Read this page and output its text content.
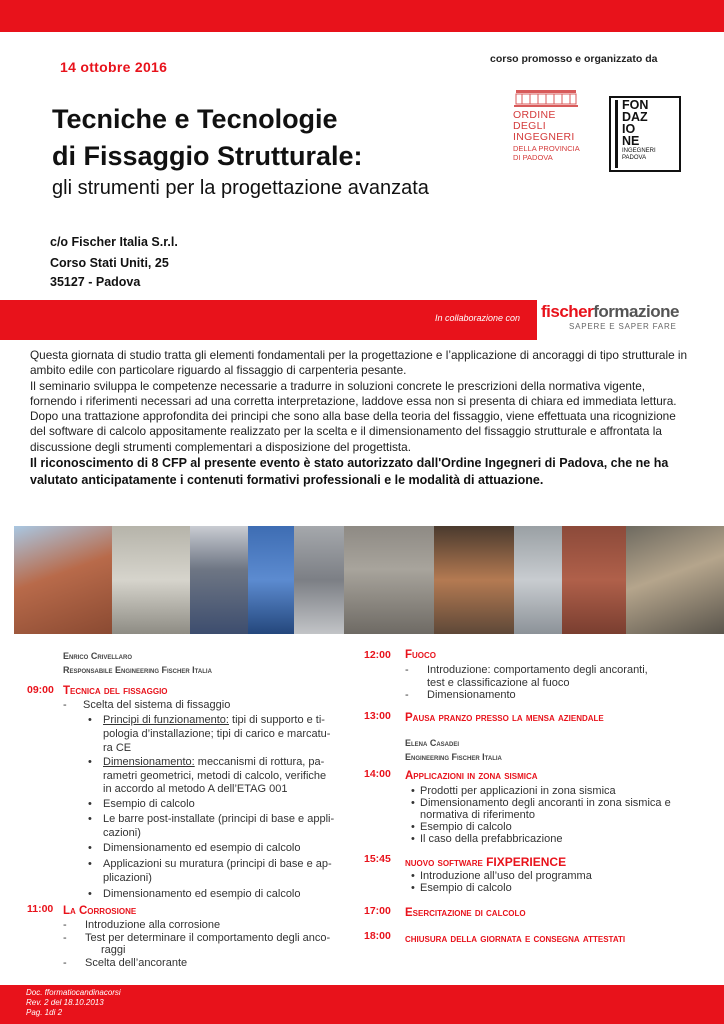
14 ottobre 2016	corso promosso e organizzato da
Tecniche e Tecnologie
di Fissaggio Strutturale:
gli strumenti per la progettazione avanzata
c/o Fischer Italia S.r.l.
Corso Stati Uniti, 25
35127 - Padova
ORDINE
DEGLI
INGEGNERI
DELLA PROVINCIA
DI PADOVA
FON
DAZ
IO
NE
INGEGNERI
PADOVA
In collaborazione con fischerformazione
SAPERE E SAPER FARE

Questa giornata di studio tratta gli elementi fondamentali per la progettazione e l’applicazione di ancoraggi di tipo strutturale in ambito edile con particolare riguardo al fissaggio di carpenteria pesante.

Il seminario sviluppa le competenze necessarie a tradurre in soluzioni concrete le prescrizioni della normativa vigente, fornendo i riferimenti necessari ad una corretta interpretazione, laddove essa non si presenta di chiara ed immediata lettura.

Dopo una trattazione approfondita dei principi che sono alla base della teoria del fissaggio, viene effettuata una ricognizione del software di calcolo appositamente realizzato per la scelta e il dimensionamento del fissaggio strutturale e affrontata la discussione degli strumenti complementari a disposizione del progettista.

Il riconoscimento di 8 CFP al presente evento è stato autorizzato dall'Ordine Ingegneri di Padova, che ne ha valutato anticipatamente i contenuti formativi professionali e le modalità di attuazione.

Enrico Crivellaro
Responsabile Engineering Fischer Italia
09:00 Tecnica del fissaggio
‐ Scelta del sistema di fissaggio
• Principi di funzionamento: tipi di supporto e ti-
pologia d’installazione; tipi di carico e marcatu-
ra CE
• Dimensionamento: meccanismi di rottura, pa-
rametri geometrici, metodi di calcolo, verifiche
in accordo al metodo A dell’ETAG 001
• Esempio di calcolo
• Le barre post-installate (principi di base e appli-
cazioni)
• Dimensionamento ed esempio di calcolo
• Applicazioni su muratura (principi di base e ap-
plicazioni)
• Dimensionamento ed esempio di calcolo
11:00 La Corrosione
‐ Introduzione alla corrosione
‐ Test per determinare il comportamento degli anco-
raggi
‐ Scelta dell’ancorante
12:00 Fuoco
‐ Introduzione: comportamento degli ancoranti,
test e classificazione al fuoco
‐ Dimensionamento
13:00 Pausa pranzo presso la mensa aziendale
Elena Casadei
Engineering Fischer Italia
14:00 Applicazioni in zona sismica
• Prodotti per applicazioni in zona sismica
• Dimensionamento degli ancoranti in zona sismica e
normativa di riferimento
• Esempio di calcolo
• Il caso della prefabbricazione
15:45 nuovo software FIXPERIENCE
• Introduzione all’uso del programma
• Esempio di calcolo
17:00 Esercitazione di calcolo
18:00 chiusura della giornata e consegna attestati
Doc. fformatiocandinacorsi
Rev. 2 del 18.10.2013
Pag. 1di 2
